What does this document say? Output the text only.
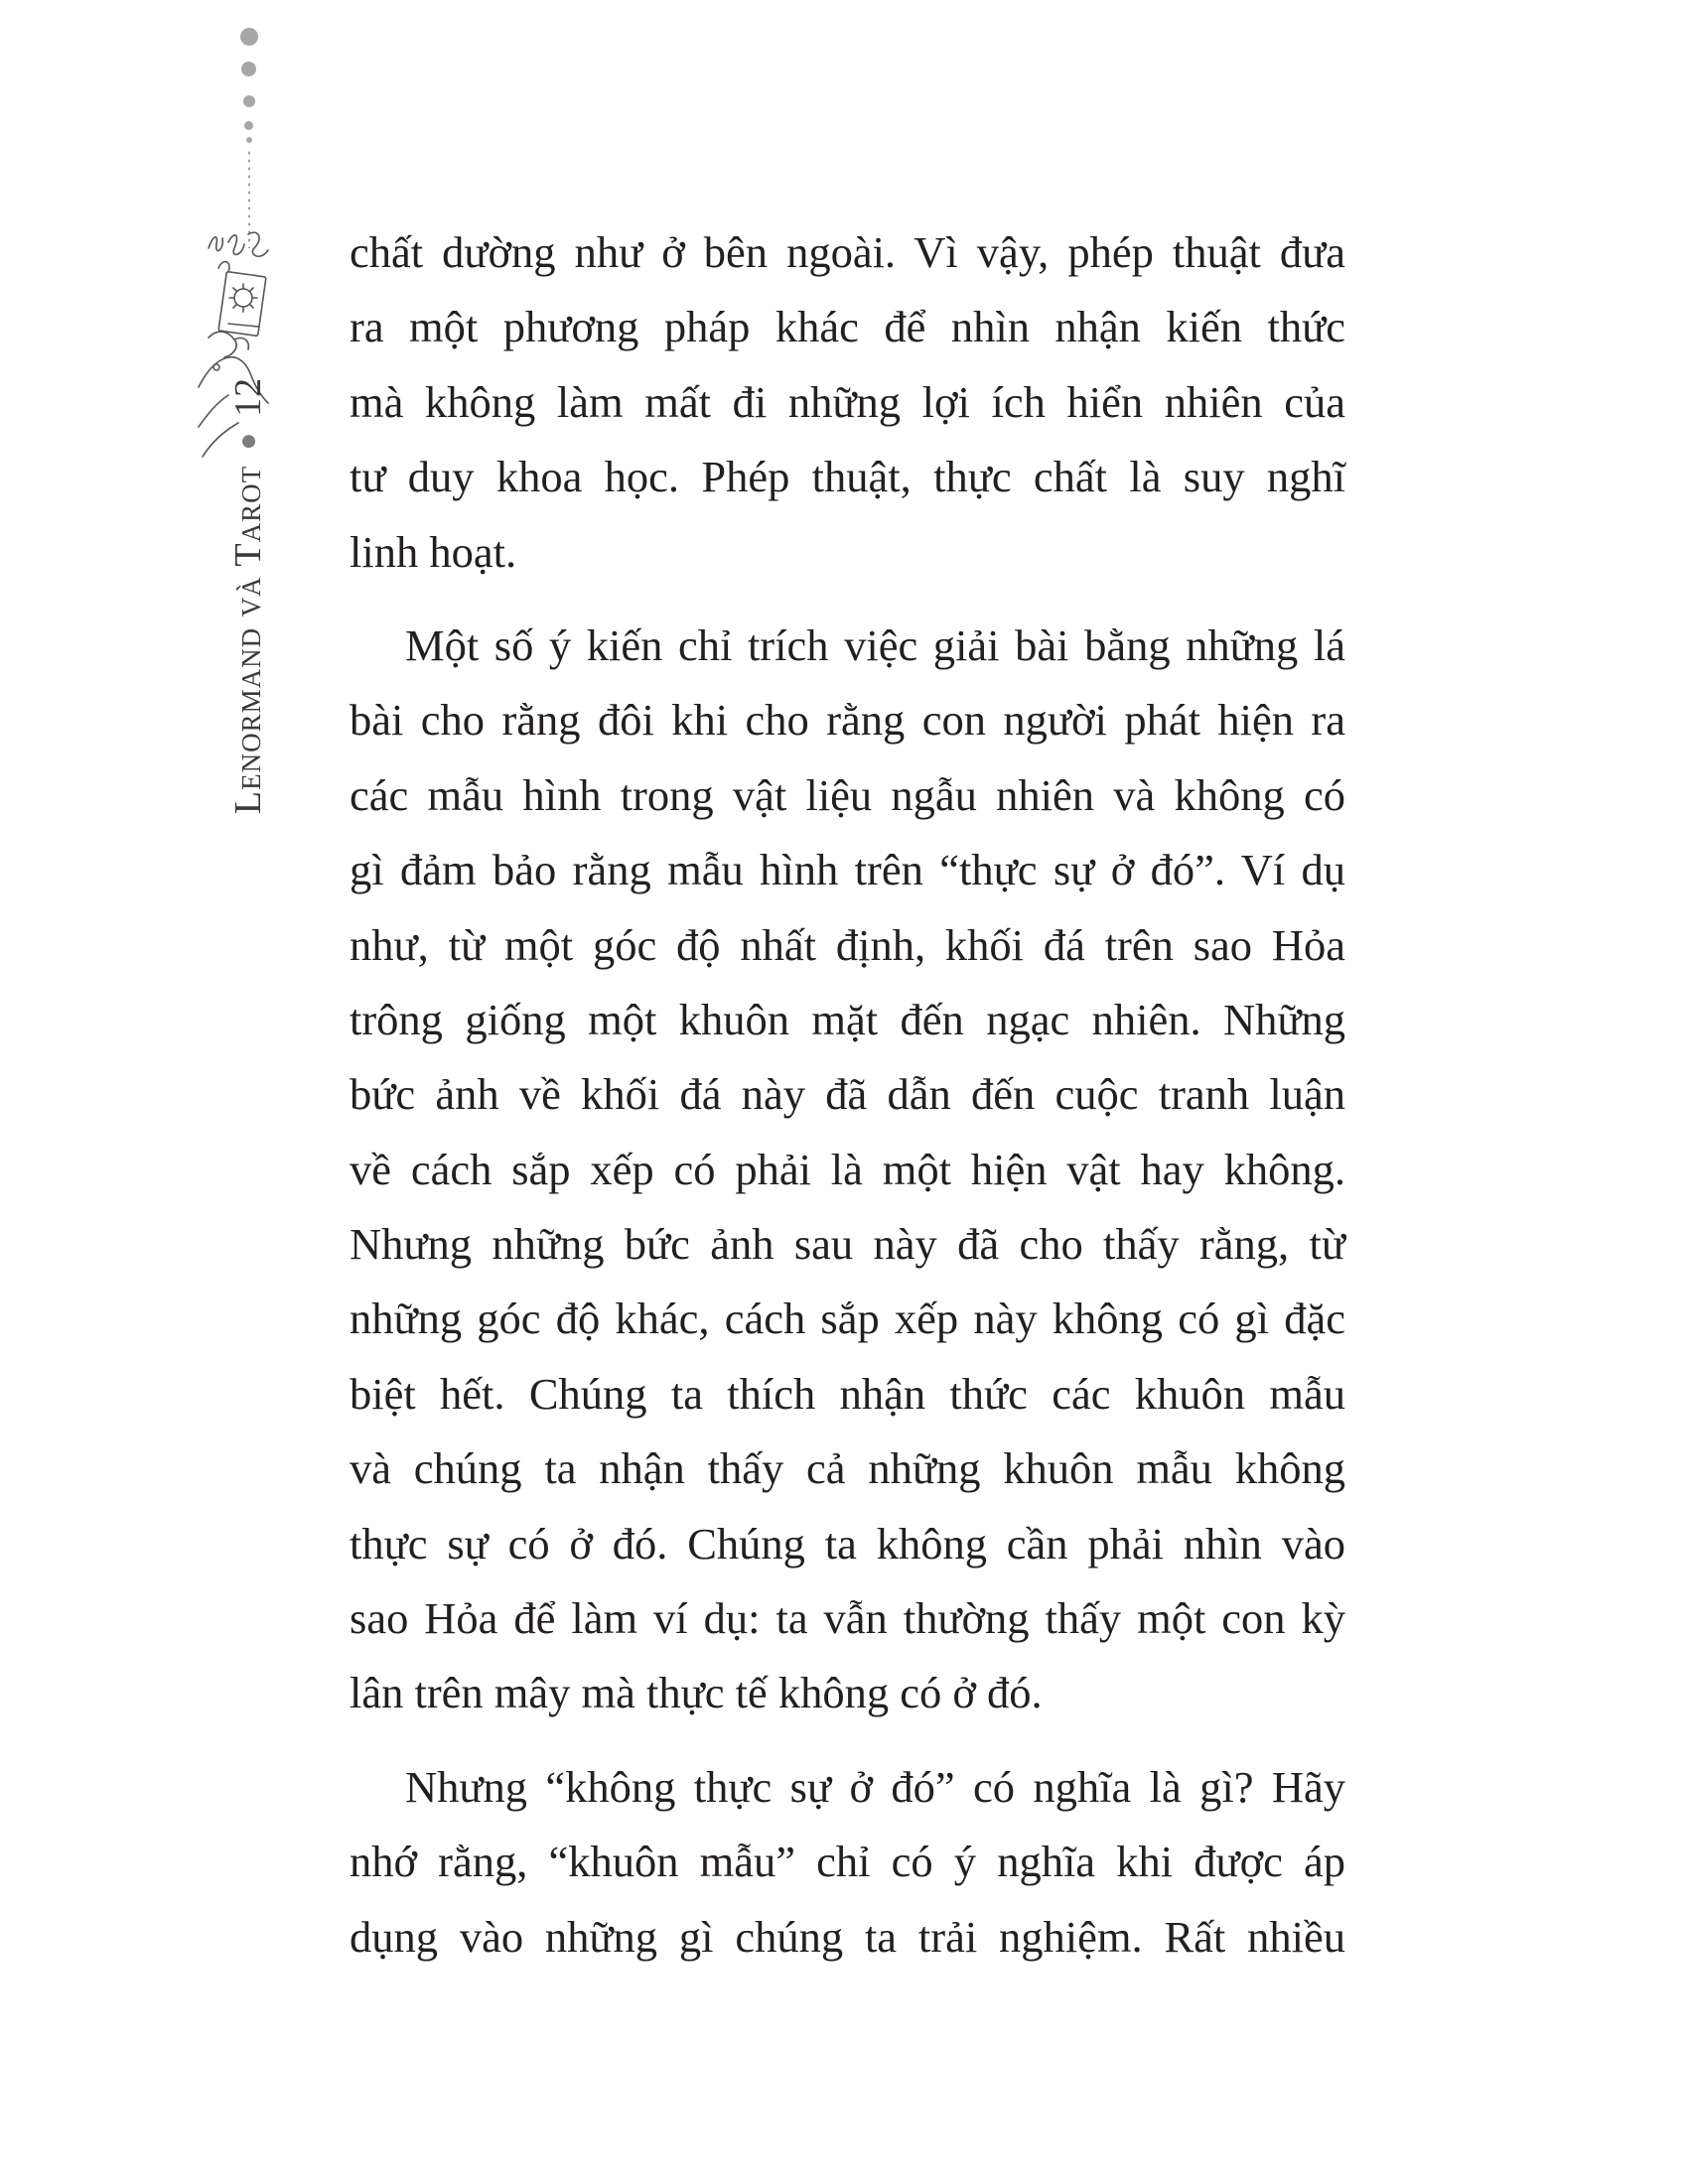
Lenormand và Tarot
12
chất dường như ở bên ngoài. Vì vậy, phép thuật đưa
ra một phương pháp khác để nhìn nhận kiến thức
mà không làm mất đi những lợi ích hiển nhiên của
tư duy khoa học. Phép thuật, thực chất là suy nghĩ
linh hoạt.
Một số ý kiến chỉ trích việc giải bài bằng những lá
bài cho rằng đôi khi cho rằng con người phát hiện ra
các mẫu hình trong vật liệu ngẫu nhiên và không có
gì đảm bảo rằng mẫu hình trên “thực sự ở đó”. Ví dụ
như, từ một góc độ nhất định, khối đá trên sao Hỏa
trông giống một khuôn mặt đến ngạc nhiên. Những
bức ảnh về khối đá này đã dẫn đến cuộc tranh luận
về cách sắp xếp có phải là một hiện vật hay không.
Nhưng những bức ảnh sau này đã cho thấy rằng, từ
những góc độ khác, cách sắp xếp này không có gì đặc
biệt hết. Chúng ta thích nhận thức các khuôn mẫu
và chúng ta nhận thấy cả những khuôn mẫu không
thực sự có ở đó. Chúng ta không cần phải nhìn vào
sao Hỏa để làm ví dụ: ta vẫn thường thấy một con kỳ
lân trên mây mà thực tế không có ở đó.
Nhưng “không thực sự ở đó” có nghĩa là gì? Hãy
nhớ rằng, “khuôn mẫu” chỉ có ý nghĩa khi được áp
dụng vào những gì chúng ta trải nghiệm. Rất nhiều
